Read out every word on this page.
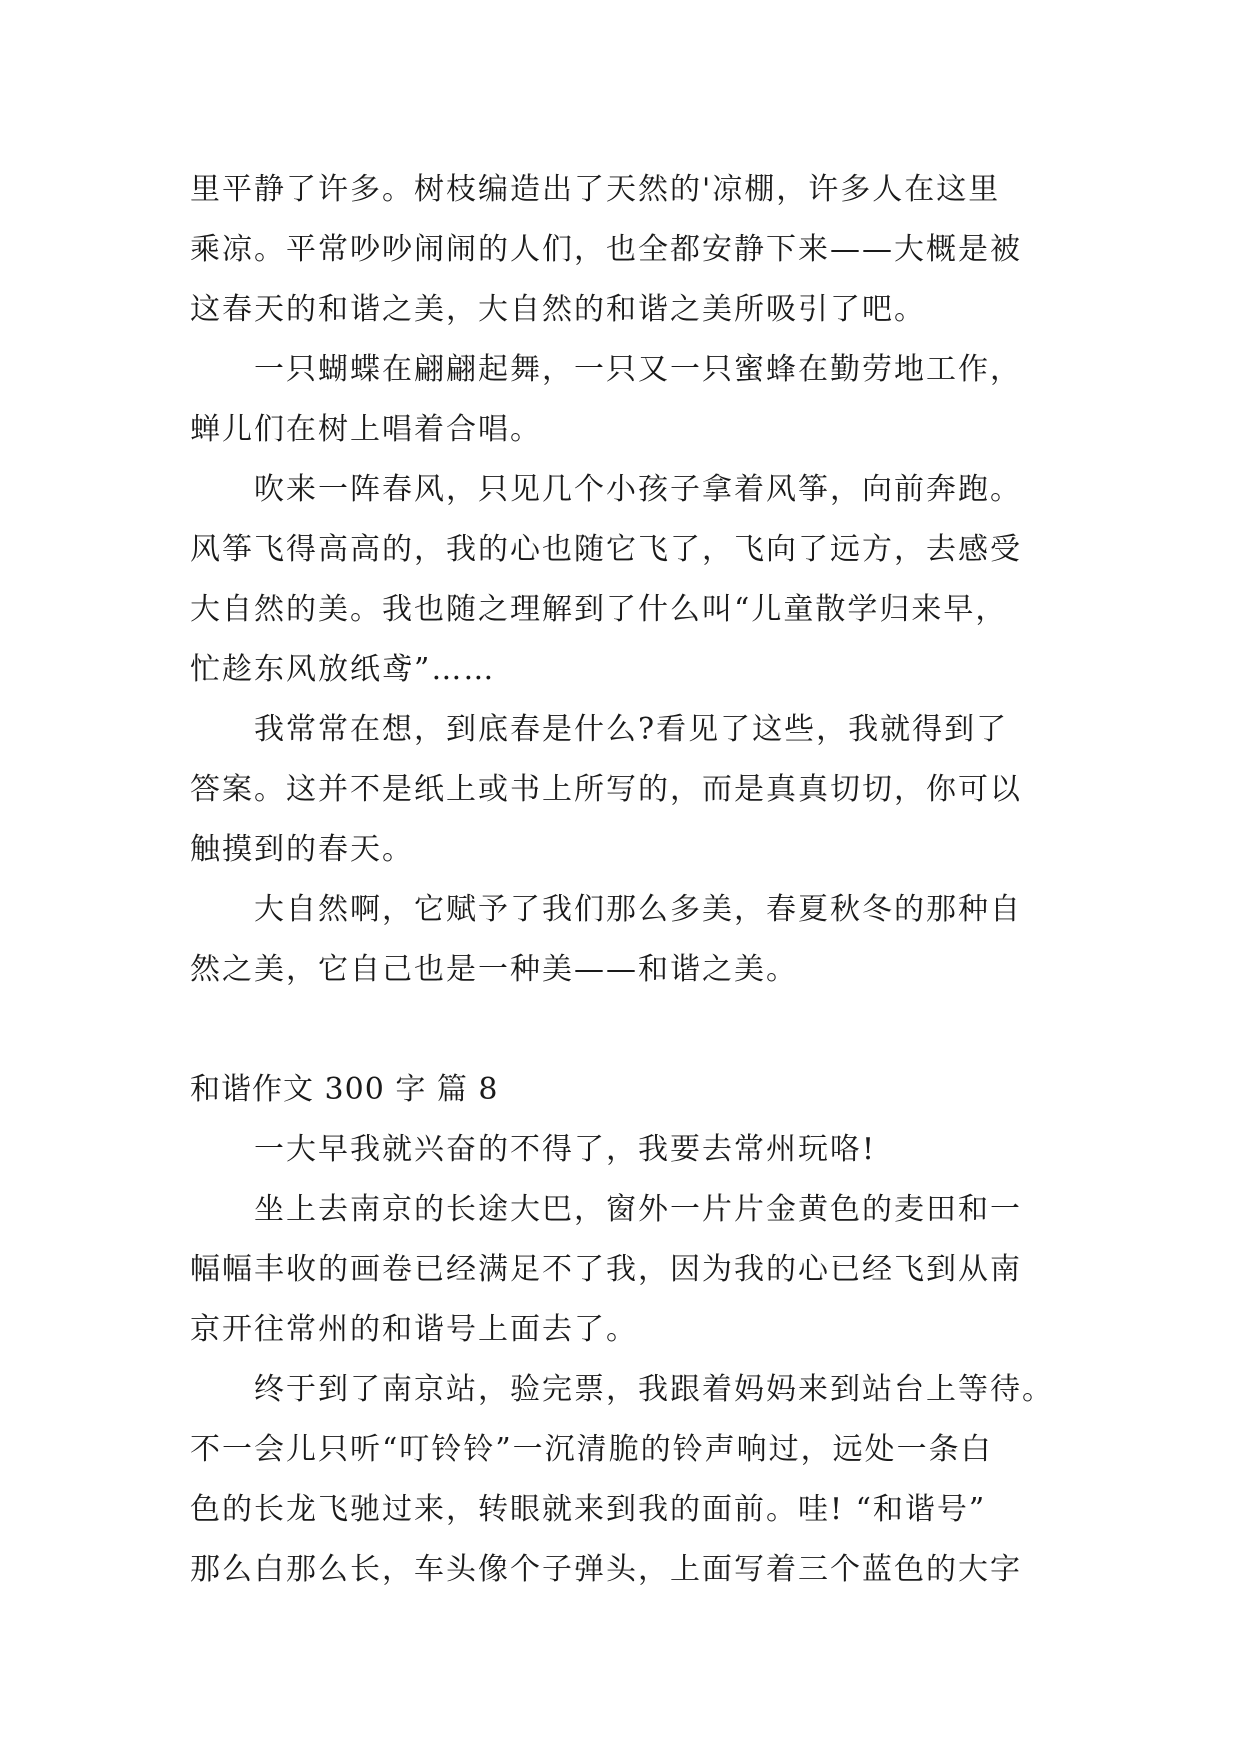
里平静了许多。树枝编造出了天然的'凉棚，许多人在这里
乘凉。平常吵吵闹闹的人们，也全都安静下来——大概是被
这春天的和谐之美，大自然的和谐之美所吸引了吧。
一只蝴蝶在翩翩起舞，一只又一只蜜蜂在勤劳地工作，
蝉儿们在树上唱着合唱。
吹来一阵春风，只见几个小孩子拿着风筝，向前奔跑。
风筝飞得高高的，我的心也随它飞了，飞向了远方，去感受
大自然的美。我也随之理解到了什么叫“儿童散学归来早，
忙趁东风放纸鸢”……
我常常在想，到底春是什么?看见了这些，我就得到了
答案。这并不是纸上或书上所写的，而是真真切切，你可以
触摸到的春天。
大自然啊，它赋予了我们那么多美，春夏秋冬的那种自
然之美，它自己也是一种美——和谐之美。
和谐作文 300 字 篇 8
一大早我就兴奋的不得了，我要去常州玩咯!
坐上去南京的长途大巴，窗外一片片金黄色的麦田和一
幅幅丰收的画卷已经满足不了我，因为我的心已经飞到从南
京开往常州的和谐号上面去了。
终于到了南京站，验完票，我跟着妈妈来到站台上等待。
不一会儿只听“叮铃铃”一沉清脆的铃声响过，远处一条白
色的长龙飞驰过来，转眼就来到我的面前。哇! “和谐号”
那么白那么长，车头像个子弹头，上面写着三个蓝色的大字
